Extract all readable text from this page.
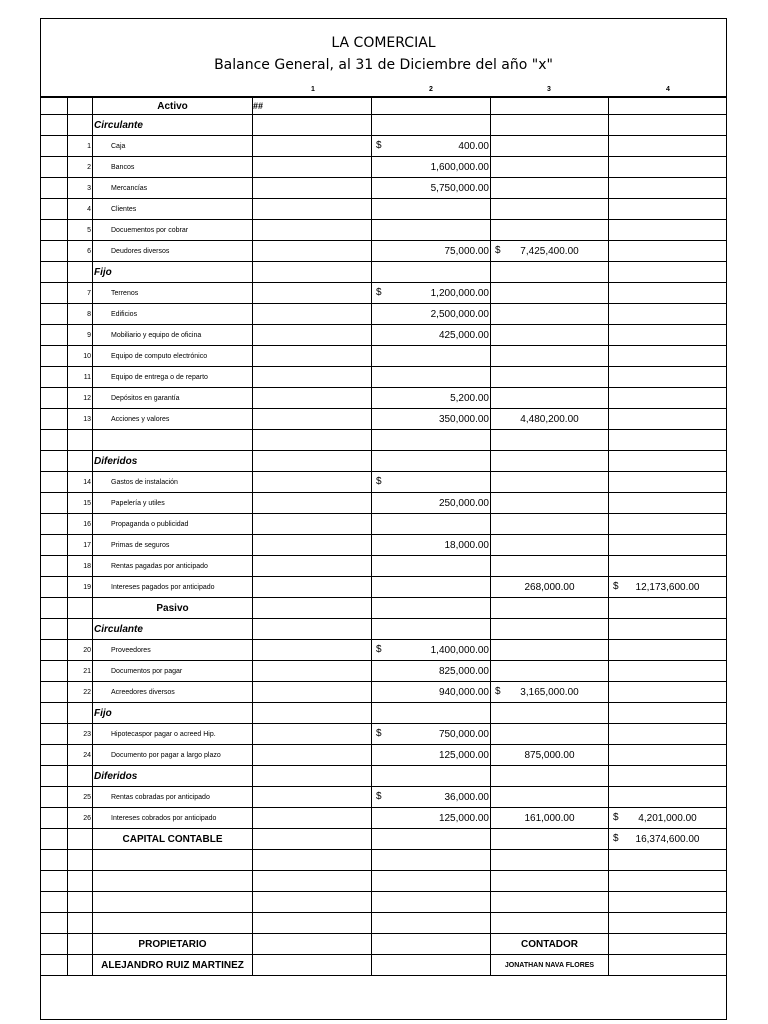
LA COMERCIAL
Balance General, al 31 de Diciembre del año "x"
1	2	3	4
		Activo	##			
		Circulante				
	1	Caja		$ 400.00		
	2	Bancos		1,600,000.00		
	3	Mercancías		5,750,000.00		
	4	Clientes				
	5	Docuementos por cobrar				
	6	Deudores diversos		75,000.00	$ 7,425,400.00	
		Fijo				
	7	Terrenos		$ 1,200,000.00		
	8	Edificios		2,500,000.00		
	9	Mobiliario y equipo de oficina		425,000.00		
	10	Equipo de computo electrónico				
	11	Equipo de entrega o de reparto				
	12	Depósitos en garantía		5,200.00		
	13	Acciones y valores		350,000.00	4,480,200.00	

		Diferidos				
	14	Gastos de instalación		$		

	15	Papelería y utiles		250,000.00		
	16	Propaganda o publicidad				
	17	Primas de seguros		18,000.00		
	18	Rentas pagadas por anticipado				
	19	Intereses pagados por anticipado			268,000.00	$ 12,173,600.00
		Pasivo				
		Circulante				
	20	Proveedores		$ 1,400,000.00		
	21	Documentos por pagar		825,000.00		
	22	Acreedores diversos		940,000.00	$ 3,165,000.00	
		Fijo				
	23	Hipotecaspor pagar o acreed Hip.		$ 750,000.00		
	24	Documento por pagar a largo plazo		125,000.00	875,000.00	
		Diferidos				
	25	Rentas cobradas por anticipado		$ 36,000.00		
	26	Intereses cobrados por anticipado		125,000.00	161,000.00	$ 4,201,000.00
		CAPITAL CONTABLE				$ 16,374,600.00

		PROPIETARIO			CONTADOR	
		ALEJANDRO RUIZ MARTINEZ			JONATHAN NAVA FLORES	
